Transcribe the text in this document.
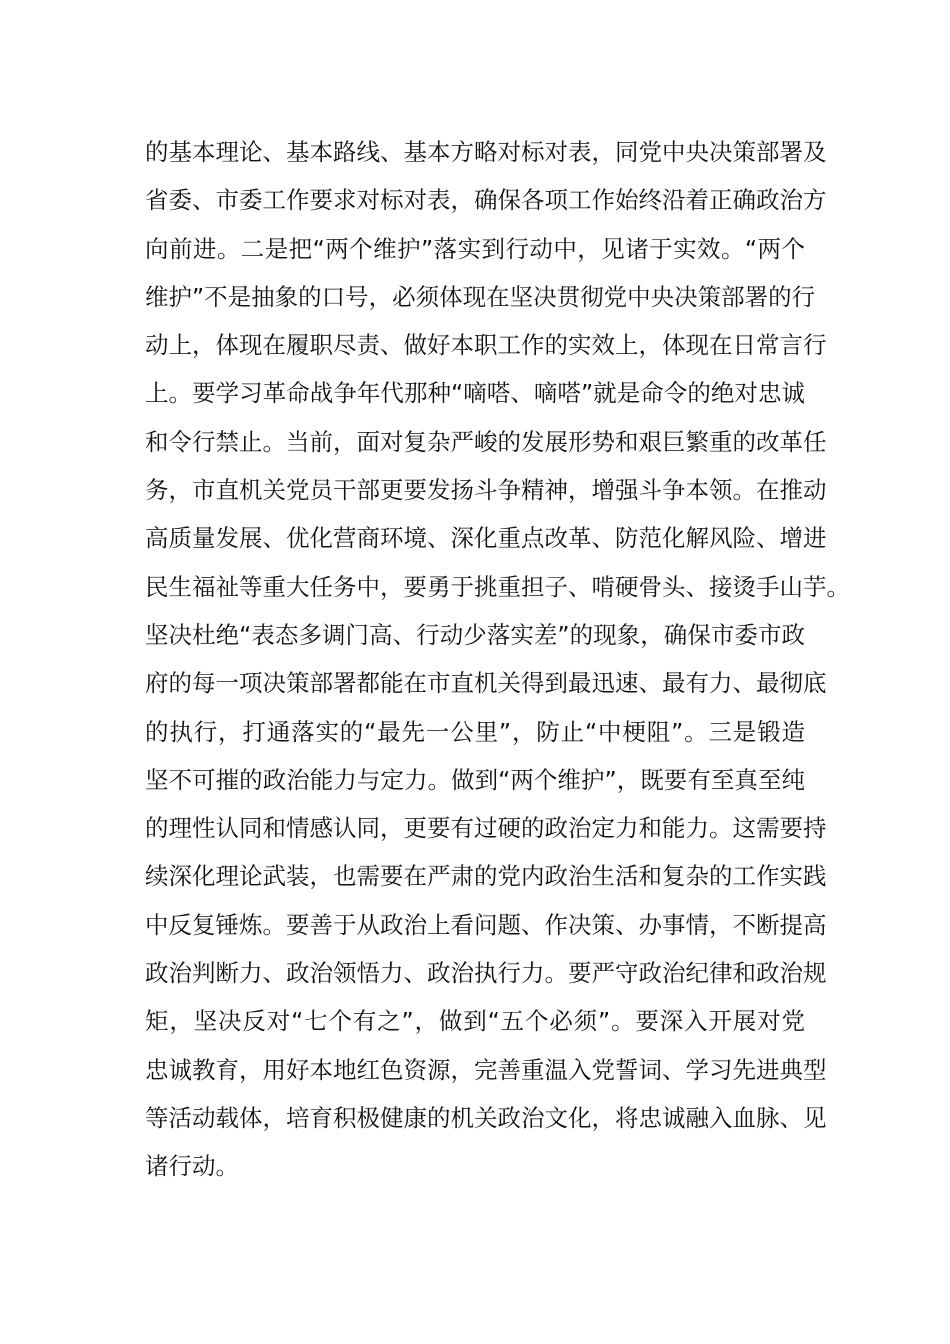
的基本理论、基本路线、基本方略对标对表，同党中央决策部署及
省委、市委工作要求对标对表，确保各项工作始终沿着正确政治方
向前进。二是把“两个维护”落实到行动中，见诸于实效。“两个
维护”不是抽象的口号，必须体现在坚决贯彻党中央决策部署的行
动上，体现在履职尽责、做好本职工作的实效上，体现在日常言行
上。要学习革命战争年代那种“嘀嗒、嘀嗒”就是命令的绝对忠诚
和令行禁止。当前，面对复杂严峻的发展形势和艰巨繁重的改革任
务，市直机关党员干部更要发扬斗争精神，增强斗争本领。在推动
高质量发展、优化营商环境、深化重点改革、防范化解风险、增进
民生福祉等重大任务中，要勇于挑重担子、啃硬骨头、接烫手山芋。
坚决杜绝“表态多调门高、行动少落实差”的现象，确保市委市政
府的每一项决策部署都能在市直机关得到最迅速、最有力、最彻底
的执行，打通落实的“最先一公里”，防止“中梗阻”。三是锻造
坚不可摧的政治能力与定力。做到“两个维护”，既要有至真至纯
的理性认同和情感认同，更要有过硬的政治定力和能力。这需要持
续深化理论武装，也需要在严肃的党内政治生活和复杂的工作实践
中反复锤炼。要善于从政治上看问题、作决策、办事情，不断提高
政治判断力、政治领悟力、政治执行力。要严守政治纪律和政治规
矩，坚决反对“七个有之”，做到“五个必须”。要深入开展对党
忠诚教育，用好本地红色资源，完善重温入党誓词、学习先进典型
等活动载体，培育积极健康的机关政治文化，将忠诚融入血脉、见
诸行动。
